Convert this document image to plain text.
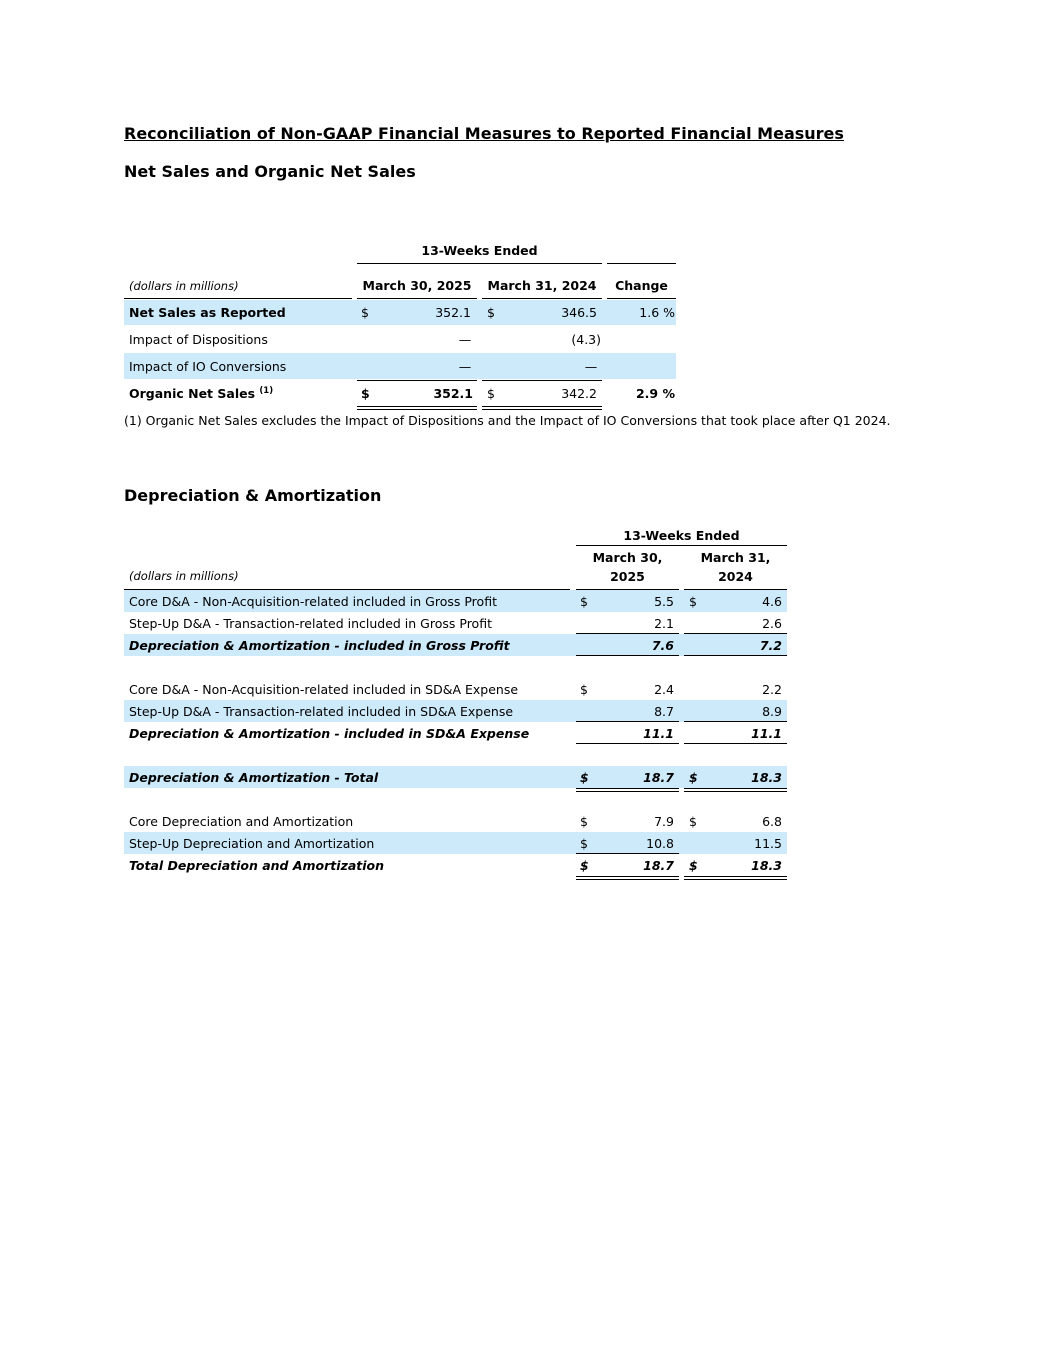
Reconciliation of Non-GAAP Financial Measures to Reported Financial Measures
Net Sales and Organic Net Sales
13-Weeks Ended
(dollars in millions)	March 30, 2025	March 31, 2024	Change
Net Sales as Reported	$	352.1 $	346.5	1.6 %
Impact of Dispositions	—	(4.3)
Impact of IO Conversions	—	—
Organic Net Sales $^{(1)}$	$	352.1 $	342.2	2.9 %
(1) Organic Net Sales excludes the Impact of Dispositions and the Impact of IO Conversions that took place after Q1 2024.
Depreciation & Amortization
13-Weeks Ended
March 30,
2025
March 31,
2024
(dollars in millions)
Core D&A - Non-Acquisition-related included in Gross Profit	$	5.5 $	4.6
Step-Up D&A - Transaction-related included in Gross Profit	2.1	2.6
Depreciation & Amortization - included in Gross Profit	7.6	7.2
Core D&A - Non-Acquisition-related included in SD&A Expense	$	2.4	2.2
Step-Up D&A - Transaction-related included in SD&A Expense	8.7	8.9
Depreciation & Amortization - included in SD&A Expense	11.1	11.1
Depreciation & Amortization - Total	$	18.7 $	18.3
Core Depreciation and Amortization	$	7.9 $	6.8
Step-Up Depreciation and Amortization	$	10.8	11.5
Total Depreciation and Amortization	$	18.7 $	18.3
